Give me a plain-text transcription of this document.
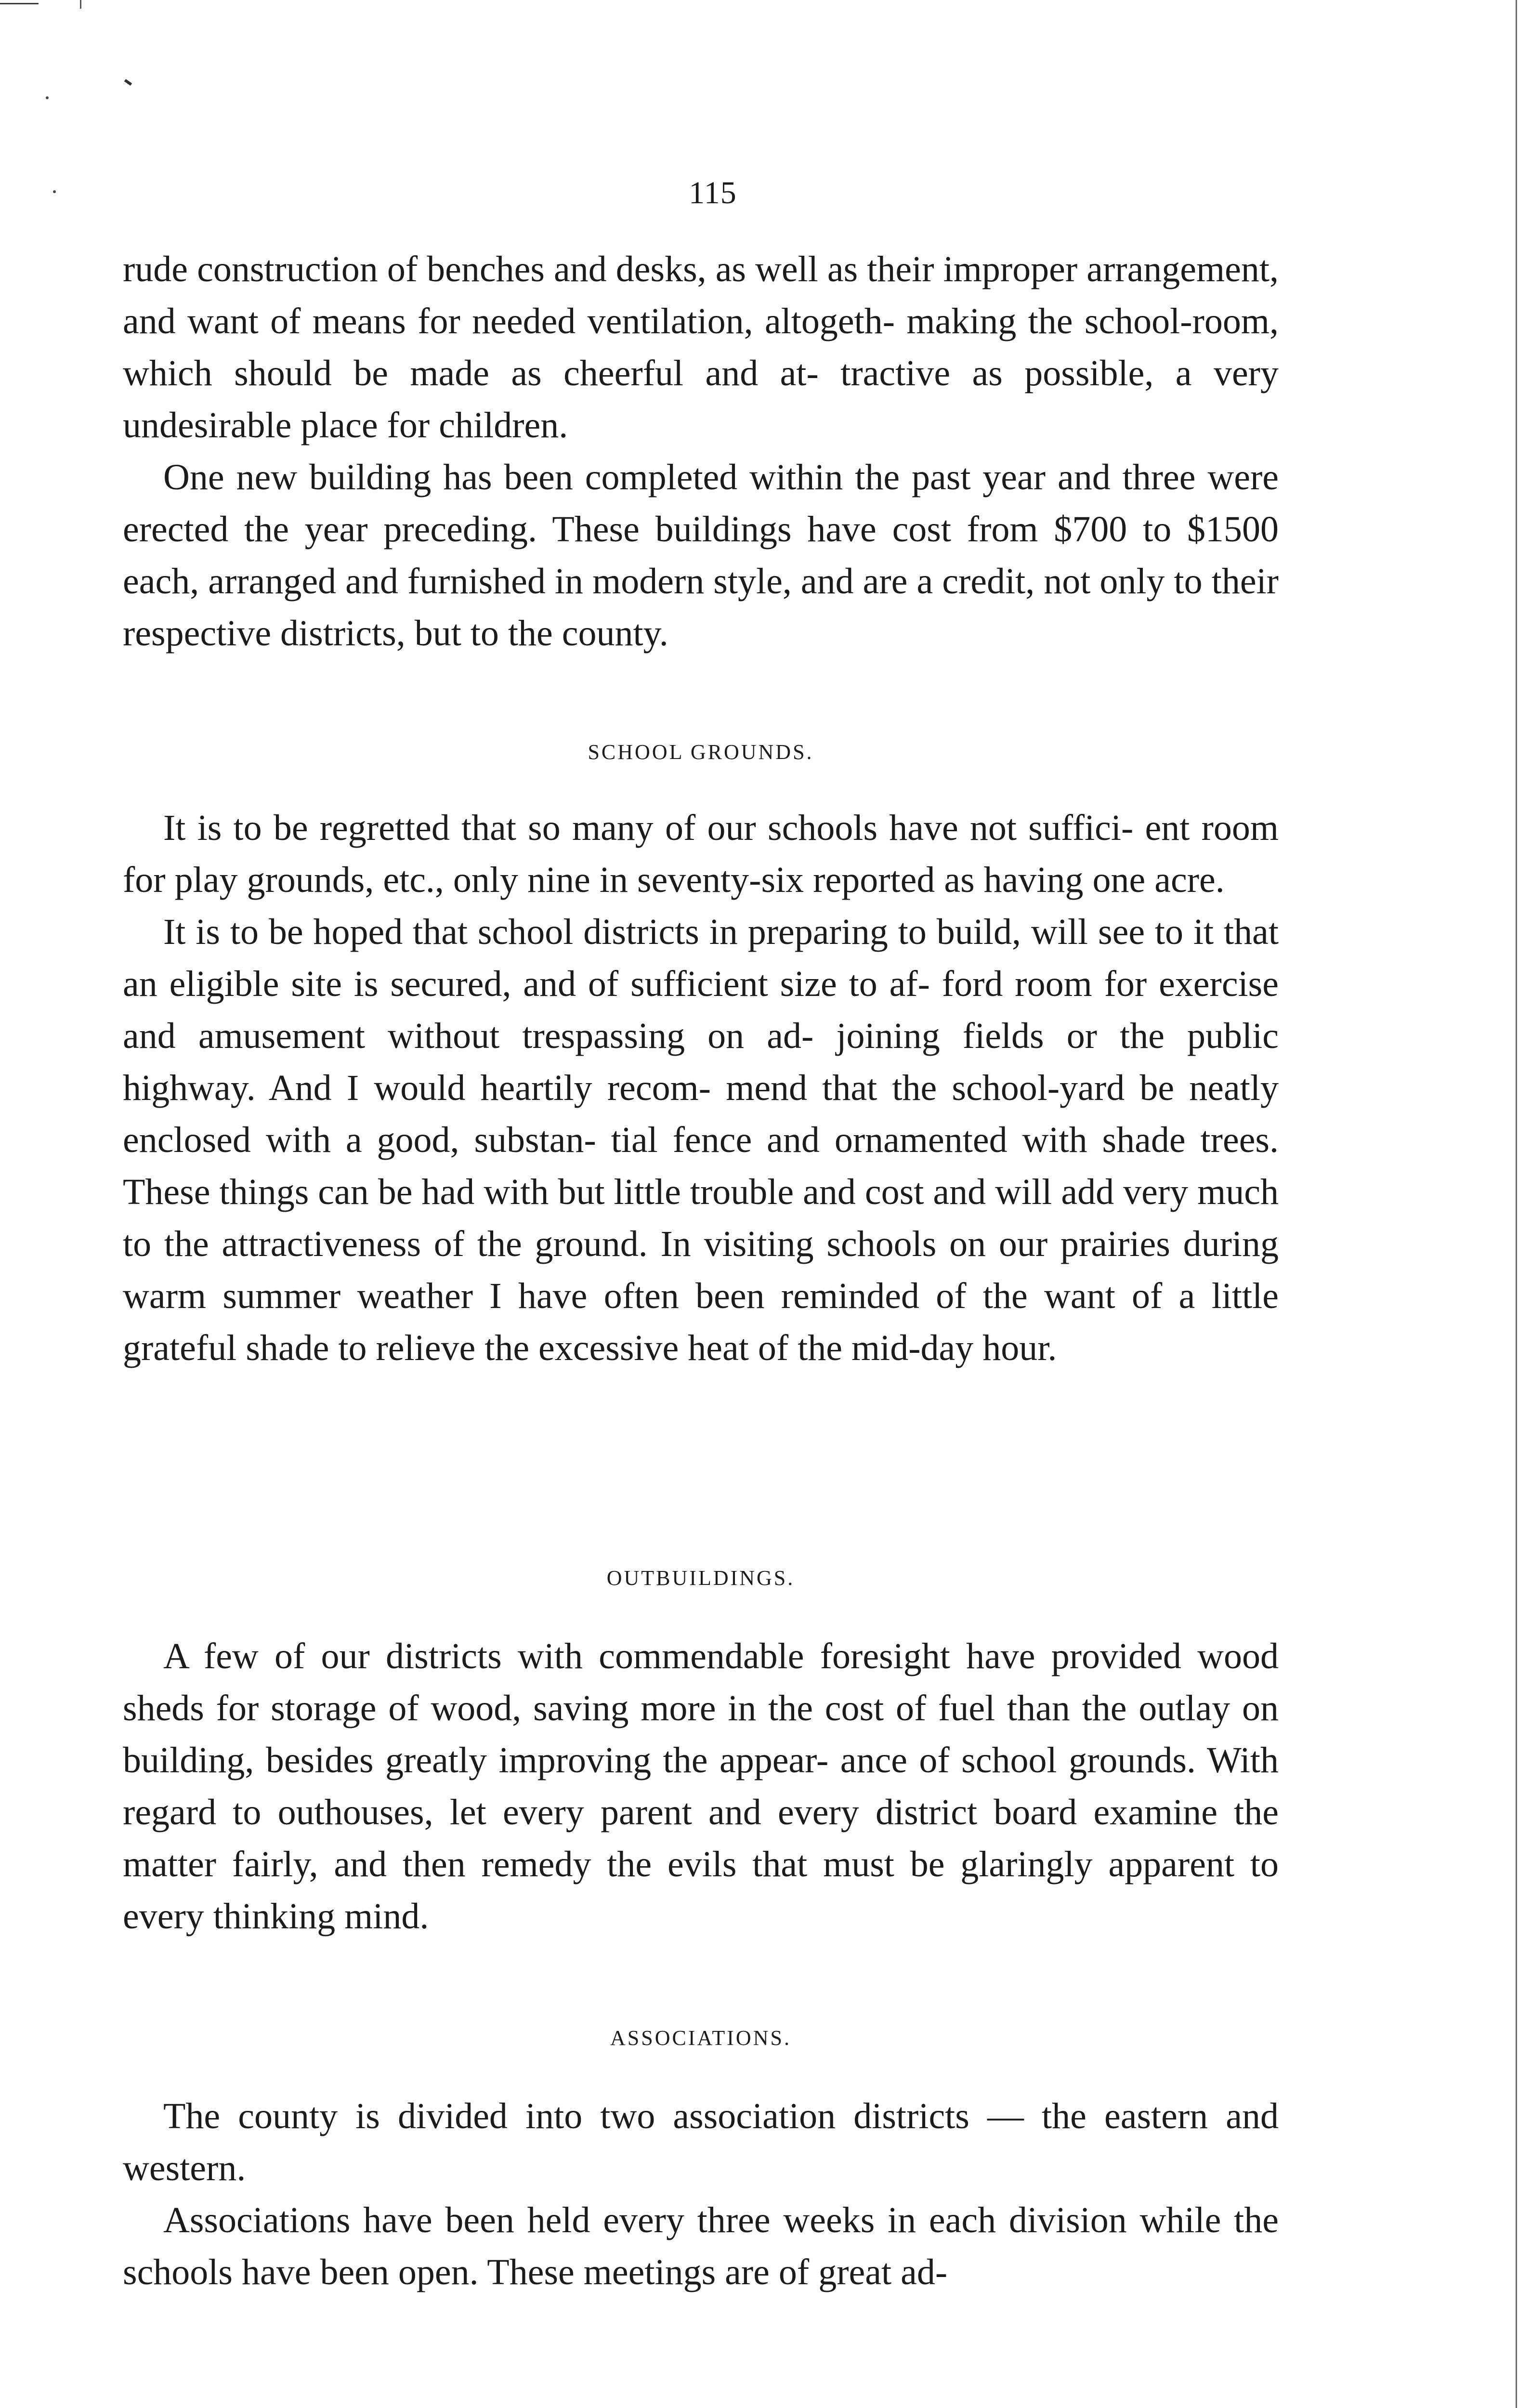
115

rude construction of benches and desks, as well as their improper arrangement, and want of means for needed ventilation, altogeth- making the school-room, which should be made as cheerful and at- tractive as possible, a very undesirable place for children.

One new building has been completed within the past year and three were erected the year preceding. These buildings have cost from $700 to $1500 each, arranged and furnished in modern style, and are a credit, not only to their respective districts, but to the county.

SCHOOL GROUNDS.

It is to be regretted that so many of our schools have not suffici- ent room for play grounds, etc., only nine in seventy-six reported as having one acre.

It is to be hoped that school districts in preparing to build, will see to it that an eligible site is secured, and of sufficient size to af- ford room for exercise and amusement without trespassing on ad- joining fields or the public highway. And I would heartily recom- mend that the school-yard be neatly enclosed with a good, substan- tial fence and ornamented with shade trees. These things can be had with but little trouble and cost and will add very much to the attractiveness of the ground. In visiting schools on our prairies during warm summer weather I have often been reminded of the want of a little grateful shade to relieve the excessive heat of the mid-day hour.

OUTBUILDINGS.

A few of our districts with commendable foresight have provided wood sheds for storage of wood, saving more in the cost of fuel than the outlay on building, besides greatly improving the appear- ance of school grounds. With regard to outhouses, let every parent and every district board examine the matter fairly, and then remedy the evils that must be glaringly apparent to every thinking mind.

ASSOCIATIONS.

The county is divided into two association districts — the eastern and western.

Associations have been held every three weeks in each division while the schools have been open. These meetings are of great ad-
